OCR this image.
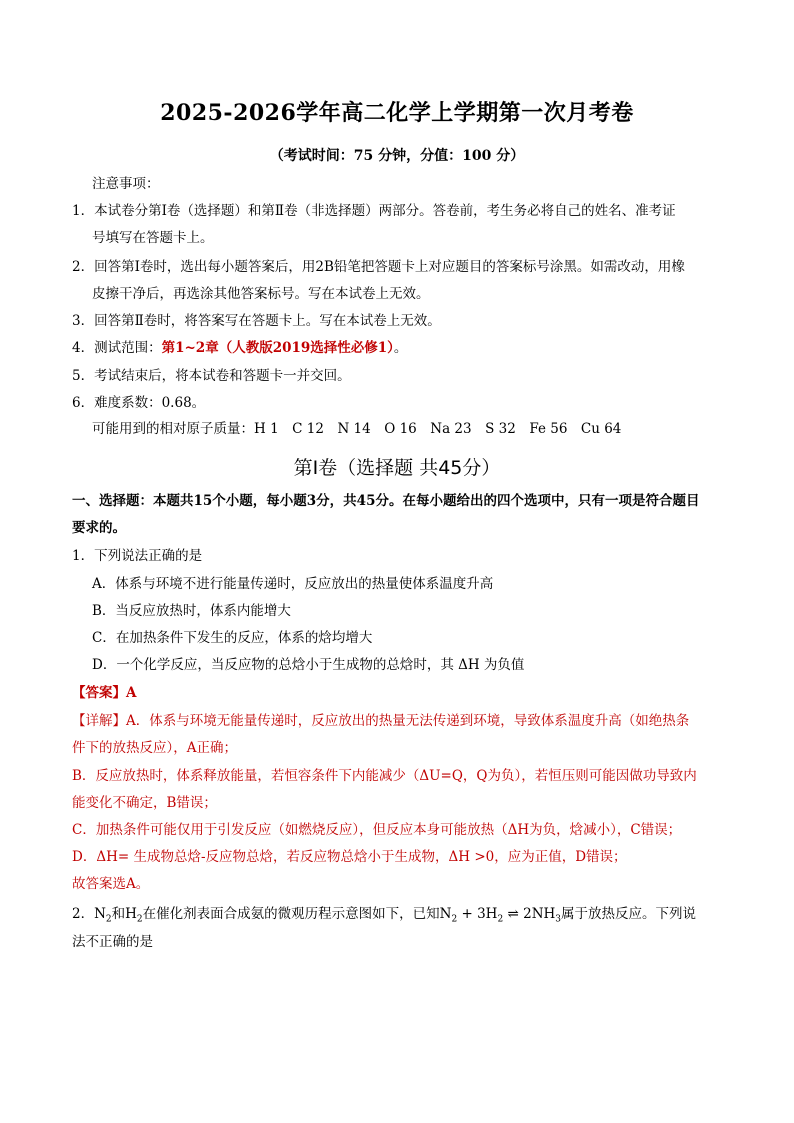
2025-2026学年高二化学上学期第一次月考卷
（考试时间：75 分钟，分值：100 分）
注意事项：
1．本试卷分第Ⅰ卷（选择题）和第Ⅱ卷（非选择题）两部分。答卷前，考生务必将自己的姓名、准考证
号填写在答题卡上。
2．回答第Ⅰ卷时，选出每小题答案后，用2B铅笔把答题卡上对应题目的答案标号涂黑。如需改动，用橡
皮擦干净后，再选涂其他答案标号。写在本试卷上无效。
3．回答第Ⅱ卷时，将答案写在答题卡上。写在本试卷上无效。
4．测试范围：第1~2章（人教版2019选择性必修1）。
5．考试结束后，将本试卷和答题卡一并交回。
6．难度系数：0.68。
可能用到的相对原子质量：H 1　C 12　N 14　O 16　Na 23　S 32　Fe 56　Cu 64
第Ⅰ卷（选择题 共45分）
一、选择题：本题共15个小题，每小题3分，共45分。在每小题给出的四个选项中，只有一项是符合题目
要求的。
1．下列说法正确的是
A．体系与环境不进行能量传递时，反应放出的热量使体系温度升高
B．当反应放热时，体系内能增大
C．在加热条件下发生的反应，体系的焓均增大
D．一个化学反应，当反应物的总焓小于生成物的总焓时，其 ΔH 为负值
【答案】A
【详解】A．体系与环境无能量传递时，反应放出的热量无法传递到环境，导致体系温度升高（如绝热条
件下的放热反应），A正确；
B．反应放热时，体系释放能量，若恒容条件下内能减少（ΔU=Q，Q为负），若恒压则可能因做功导致内
能变化不确定，B错误；
C．加热条件可能仅用于引发反应（如燃烧反应），但反应本身可能放热（ΔH为负，焓减小），C错误；
D．ΔH= 生成物总焓-反应物总焓，若反应物总焓小于生成物，ΔH >0，应为正值，D错误；
故答案选A。
2．$N_2$和$H_2$在催化剂表面合成氨的微观历程示意图如下，已知$N_2 + 3H_2$ ⇌ $2NH_3$属于放热反应。下列说
法不正确的是
